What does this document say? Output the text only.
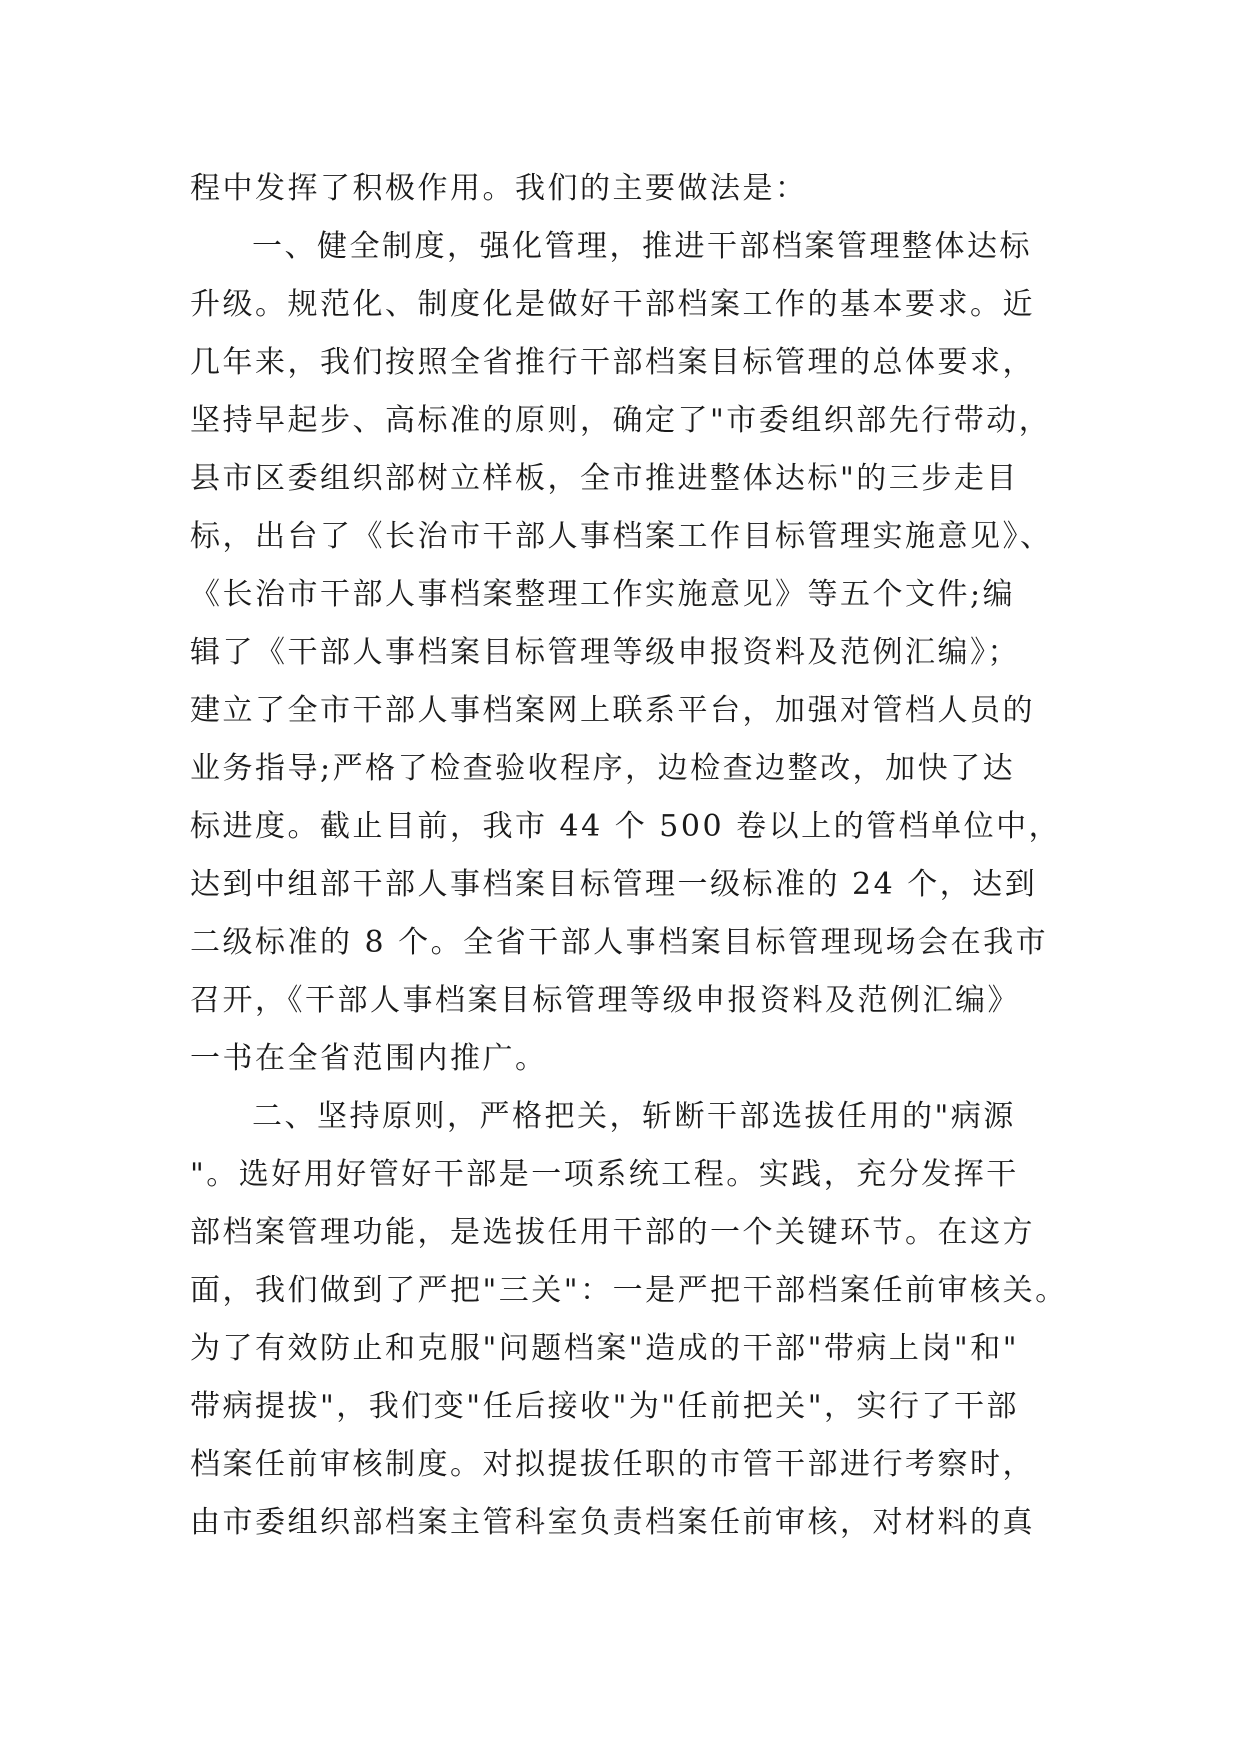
程中发挥了积极作用。我们的主要做法是：
一、健全制度，强化管理，推进干部档案管理整体达标
升级。规范化、制度化是做好干部档案工作的基本要求。近
几年来，我们按照全省推行干部档案目标管理的总体要求，
坚持早起步、高标准的原则，确定了"市委组织部先行带动，
县市区委组织部树立样板，全市推进整体达标"的三步走目
标，出台了《长治市干部人事档案工作目标管理实施意见》、
《长治市干部人事档案整理工作实施意见》等五个文件;编
辑了《干部人事档案目标管理等级申报资料及范例汇编》；
建立了全市干部人事档案网上联系平台，加强对管档人员的
业务指导;严格了检查验收程序，边检查边整改，加快了达
标进度。截止目前，我市 44 个 500 卷以上的管档单位中，
达到中组部干部人事档案目标管理一级标准的 24 个，达到
二级标准的 8 个。全省干部人事档案目标管理现场会在我市
召开，《干部人事档案目标管理等级申报资料及范例汇编》
一书在全省范围内推广。
二、坚持原则，严格把关，斩断干部选拔任用的"病源
"。选好用好管好干部是一项系统工程。实践，充分发挥干
部档案管理功能，是选拔任用干部的一个关键环节。在这方
面，我们做到了严把"三关"：一是严把干部档案任前审核关。
为了有效防止和克服"问题档案"造成的干部"带病上岗"和"
带病提拔"，我们变"任后接收"为"任前把关"，实行了干部
档案任前审核制度。对拟提拔任职的市管干部进行考察时，
由市委组织部档案主管科室负责档案任前审核，对材料的真
